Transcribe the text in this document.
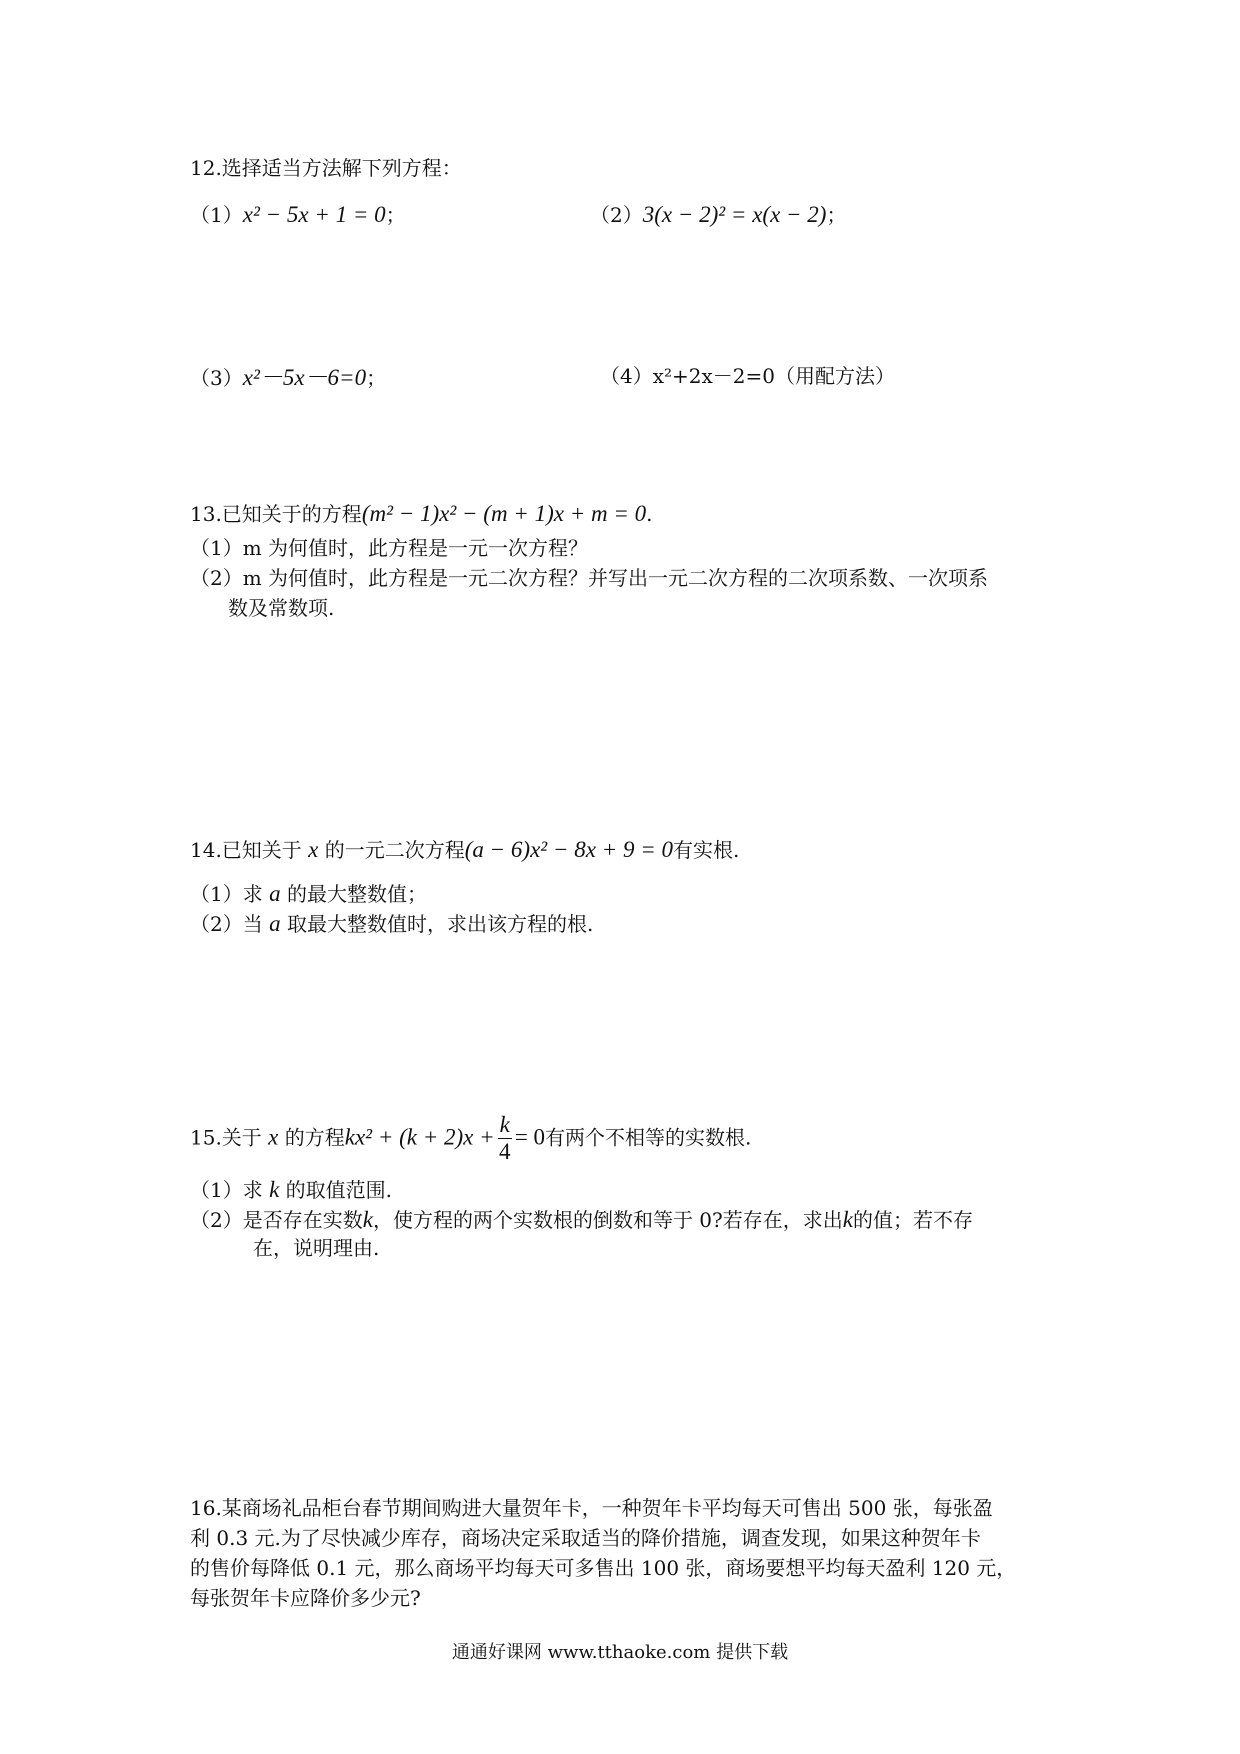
12.选择适当方法解下列方程：
（1）x² − 5x + 1 = 0；	（2）3(x − 2)² = x(x − 2)；
（3）x²－5x－6=0；	（4）x²+2x－2=0（用配方法）
13.已知关于的方程(m² − 1)x² − (m + 1)x + m = 0.
（1）m 为何值时，此方程是一元一次方程？
（2）m 为何值时，此方程是一元二次方程？并写出一元二次方程的二次项系数、一次项系
数及常数项.
14.已知关于 x 的一元二次方程(a − 6)x² − 8x + 9 = 0有实根.
（1）求 a 的最大整数值；
（2）当 a 取最大整数值时，求出该方程的根.
15.关于 x 的方程$kx^2 + (k + 2)x + \frac{k}{4} = 0$有两个不相等的实数根.
（1）求 k 的取值范围.
（2）是否存在实数k，使方程的两个实数根的倒数和等于 0?若存在，求出k的值；若不存
在，说明理由.
16.某商场礼品柜台春节期间购进大量贺年卡，一种贺年卡平均每天可售出 500 张，每张盈
利 0.3 元.为了尽快减少库存，商场决定采取适当的降价措施，调查发现，如果这种贺年卡
的售价每降低 0.1 元，那么商场平均每天可多售出 100 张，商场要想平均每天盈利 120 元，
每张贺年卡应降价多少元?
通通好课网 www.tthaoke.com 提供下载
